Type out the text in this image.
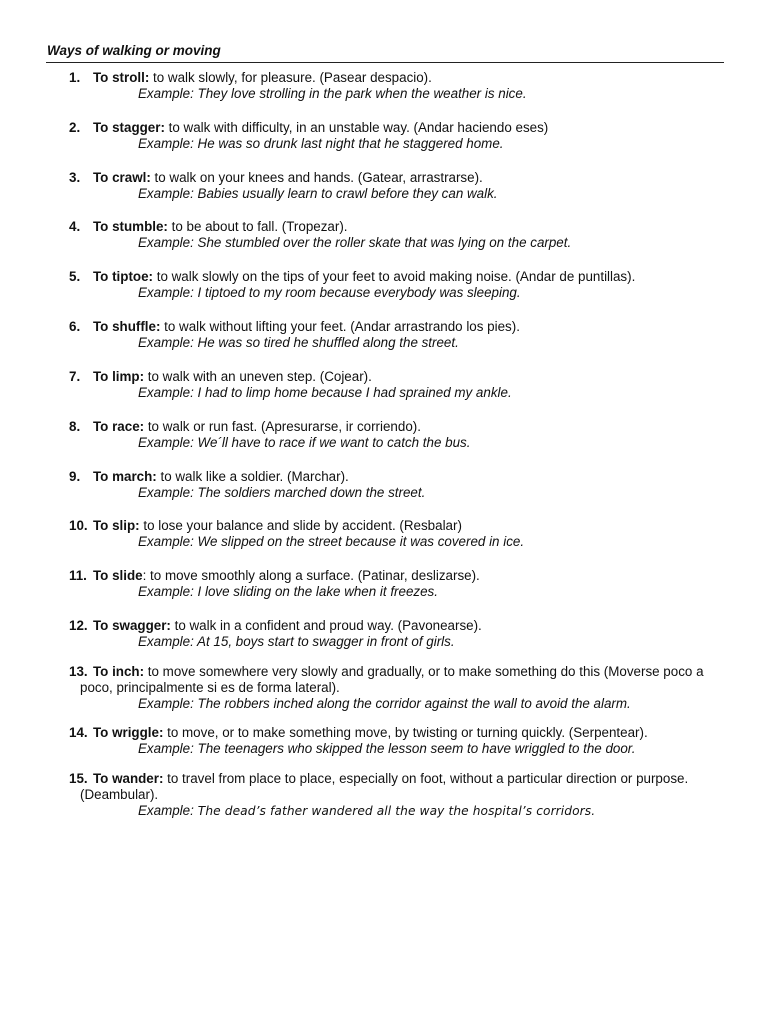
Ways of walking or moving
1. To stroll: to walk slowly, for pleasure. (Pasear despacio).
Example: They love strolling in the park when the weather is nice.
2. To stagger: to walk with difficulty, in an unstable way. (Andar haciendo eses)
Example: He was so drunk last night that he staggered home.
3. To crawl: to walk on your knees and hands. (Gatear, arrastrarse).
Example: Babies usually learn to crawl before they can walk.
4. To stumble: to be about to fall. (Tropezar).
Example: She stumbled over the roller skate that was lying on the carpet.
5. To tiptoe: to walk slowly on the tips of your feet to avoid making noise. (Andar de puntillas).
Example: I tiptoed to my room because everybody was sleeping.
6. To shuffle: to walk without lifting your feet. (Andar arrastrando los pies).
Example: He was so tired he shuffled along the street.
7. To limp: to walk with an uneven step. (Cojear).
Example: I had to limp home because I had sprained my ankle.
8. To race: to walk or run fast. (Apresurarse, ir corriendo).
Example: We´ll have to race if we want to catch the bus.
9. To march: to walk like a soldier. (Marchar).
Example: The soldiers marched down the street.
10. To slip: to lose your balance and slide by accident. (Resbalar)
Example: We slipped on the street because it was covered in ice.
11. To slide: to move smoothly along a surface. (Patinar, deslizarse).
Example: I love sliding on the lake when it freezes.
12. To swagger: to walk in a confident and proud way. (Pavonearse).
Example: At 15, boys start to swagger in front of girls.
13. To inch: to move somewhere very slowly and gradually, or to make something do this (Moverse poco a poco, principalmente si es de forma lateral).
Example: The robbers inched along the corridor against the wall to avoid the alarm.
14. To wriggle: to move, or to make something move, by twisting or turning quickly. (Serpentear).
Example: The teenagers who skipped the lesson seem to have wriggled to the door.
15. To wander: to travel from place to place, especially on foot, without a particular direction or purpose. (Deambular).
Example: The dead’s father wandered all the way the hospital’s corridors.
